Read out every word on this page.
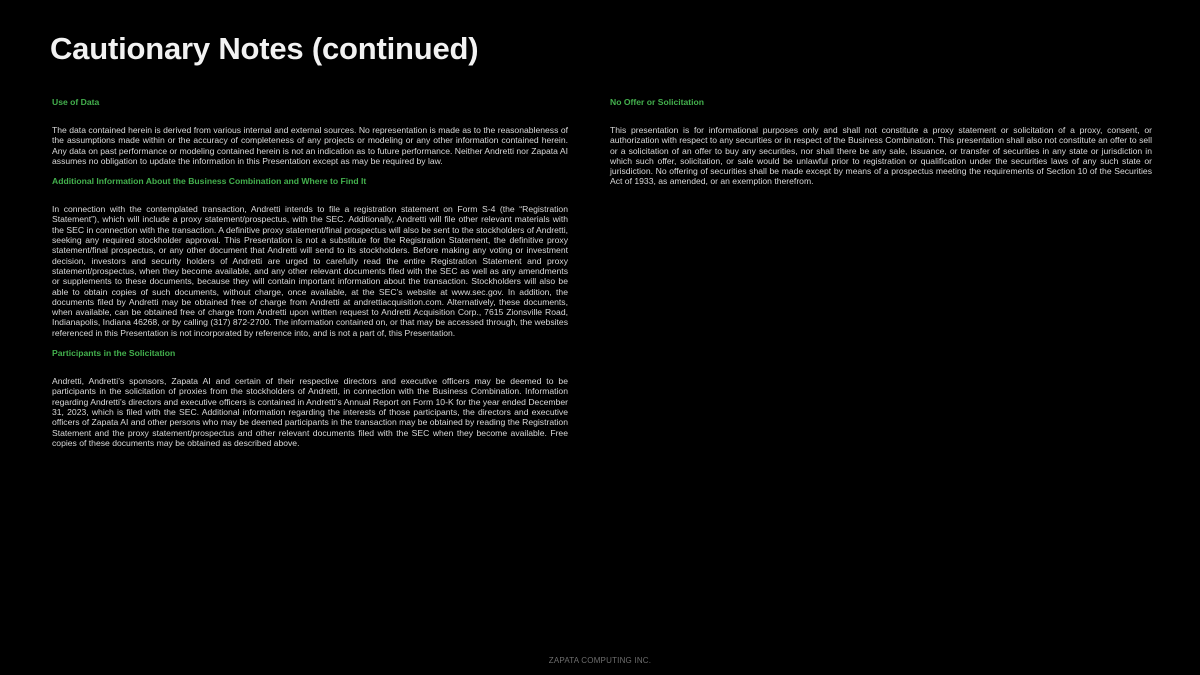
Cautionary Notes (continued)
Use of Data

The data contained herein is derived from various internal and external sources. No representation is made as to the reasonableness of the assumptions made within or the accuracy of completeness of any projects or modeling or any other information contained herein. Any data on past performance or modeling contained herein is not an indication as to future performance. Neither Andretti nor Zapata AI assumes no obligation to update the information in this Presentation except as may be required by law.

Additional Information About the Business Combination and Where to Find It

In connection with the contemplated transaction, Andretti intends to file a registration statement on Form S-4 (the “Registration Statement”), which will include a proxy statement/prospectus, with the SEC. Additionally, Andretti will file other relevant materials with the SEC in connection with the transaction. A definitive proxy statement/final prospectus will also be sent to the stockholders of Andretti, seeking any required stockholder approval. This Presentation is not a substitute for the Registration Statement, the definitive proxy statement/final prospectus, or any other document that Andretti will send to its stockholders. Before making any voting or investment decision, investors and security holders of Andretti are urged to carefully read the entire Registration Statement and proxy statement/prospectus, when they become available, and any other relevant documents filed with the SEC as well as any amendments or supplements to these documents, because they will contain important information about the transaction. Stockholders will also be able to obtain copies of such documents, without charge, once available, at the SEC’s website at www.sec.gov. In addition, the documents filed by Andretti may be obtained free of charge from Andretti at andrettiacquisition.com. Alternatively, these documents, when available, can be obtained free of charge from Andretti upon written request to Andretti Acquisition Corp., 7615 Zionsville Road, Indianapolis, Indiana 46268, or by calling (317) 872-2700. The information contained on, or that may be accessed through, the websites referenced in this Presentation is not incorporated by reference into, and is not a part of, this Presentation.

Participants in the Solicitation

Andretti, Andretti’s sponsors, Zapata AI and certain of their respective directors and executive officers may be deemed to be participants in the solicitation of proxies from the stockholders of Andretti, in connection with the Business Combination. Information regarding Andretti’s directors and executive officers is contained in Andretti’s Annual Report on Form 10-K for the year ended December 31, 2023, which is filed with the SEC. Additional information regarding the interests of those participants, the directors and executive officers of Zapata AI and other persons who may be deemed participants in the transaction may be obtained by reading the Registration Statement and the proxy statement/prospectus and other relevant documents filed with the SEC when they become available. Free copies of these documents may be obtained as described above.

No Offer or Solicitation

This presentation is for informational purposes only and shall not constitute a proxy statement or solicitation of a proxy, consent, or authorization with respect to any securities or in respect of the Business Combination. This presentation shall also not constitute an offer to sell or a solicitation of an offer to buy any securities, nor shall there be any sale, issuance, or transfer of securities in any state or jurisdiction in which such offer, solicitation, or sale would be unlawful prior to registration or qualification under the securities laws of any such state or jurisdiction. No offering of securities shall be made except by means of a prospectus meeting the requirements of Section 10 of the Securities Act of 1933, as amended, or an exemption therefrom.

ZAPATA COMPUTING INC.
